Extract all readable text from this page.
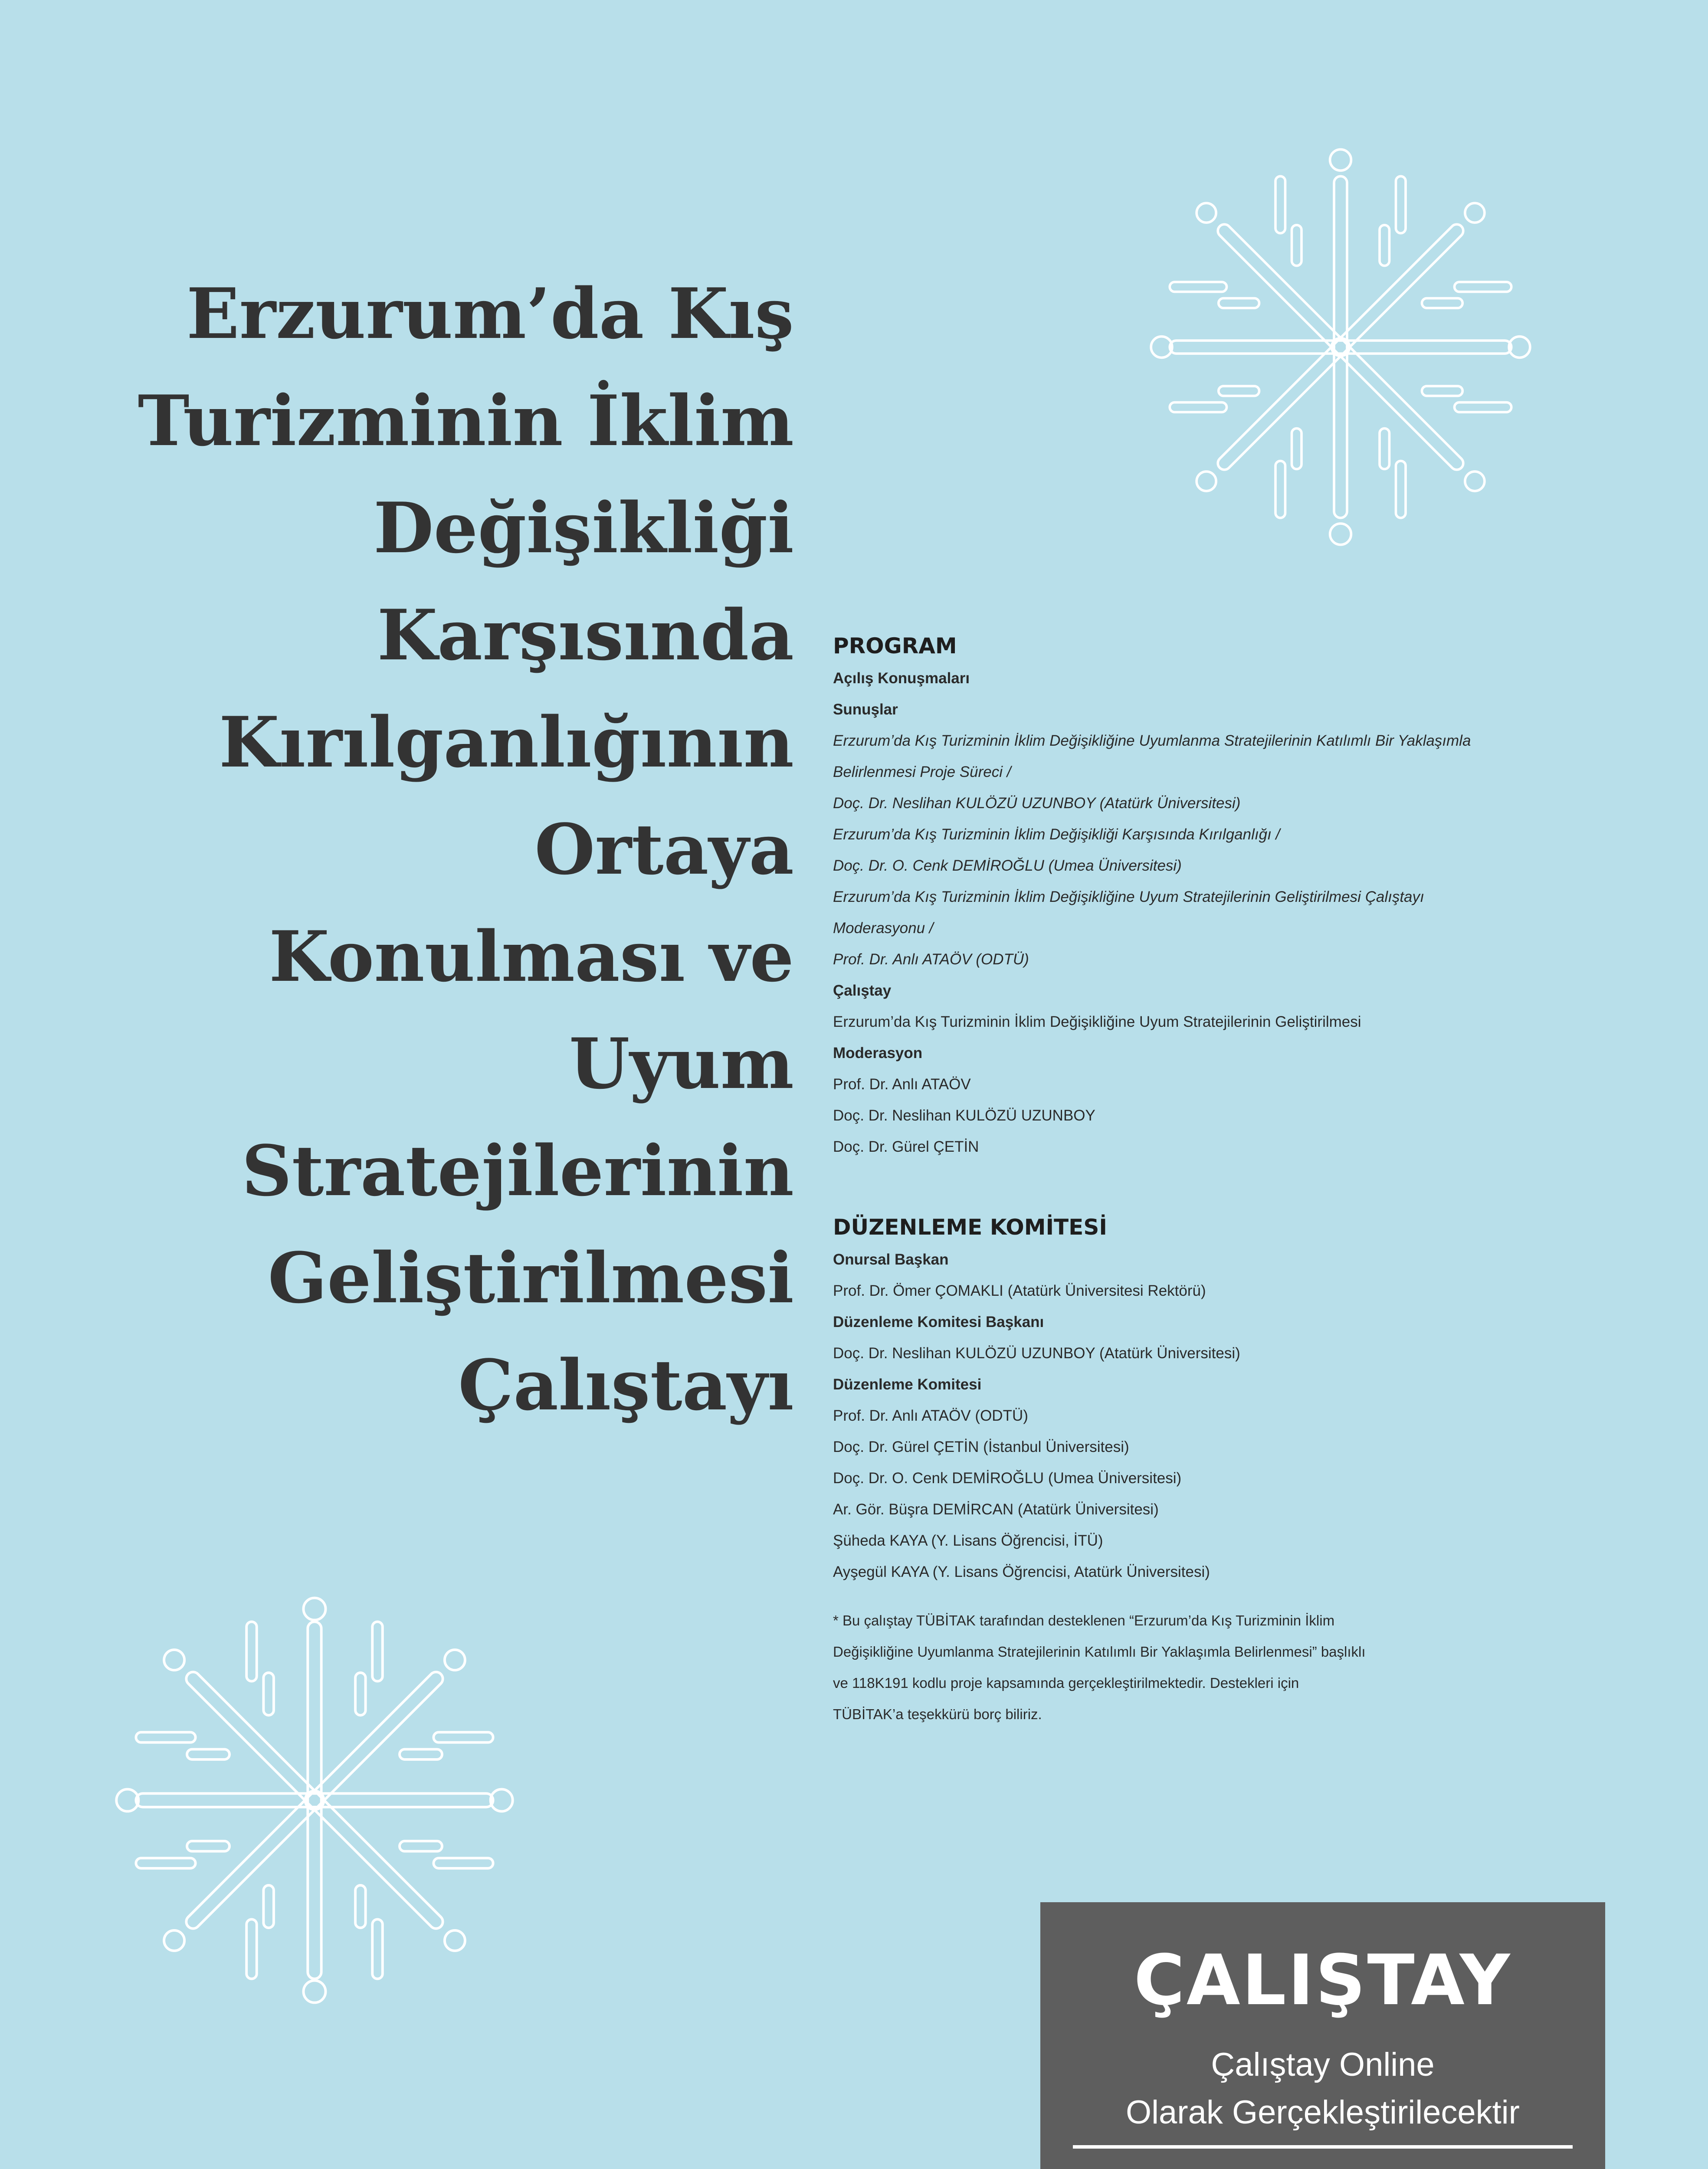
Erzurum’da Kış
Turizminin İklim
Değişikliği
Karşısında
Kırılganlığının
Ortaya
Konulması ve
Uyum
Stratejilerinin
Geliştirilmesi
Çalıştayı
PROGRAM
Açılış Konuşmaları
Sunuşlar
Erzurum’da Kış Turizminin İklim Değişikliğine Uyumlanma Stratejilerinin Katılımlı Bir Yaklaşımla
Belirlenmesi Proje Süreci /
Doç. Dr. Neslihan KULÖZÜ UZUNBOY (Atatürk Üniversitesi)
Erzurum’da Kış Turizminin İklim Değişikliği Karşısında Kırılganlığı /
Doç. Dr. O. Cenk DEMİROĞLU (Umea Üniversitesi)
Erzurum’da Kış Turizminin İklim Değişikliğine Uyum Stratejilerinin Geliştirilmesi Çalıştayı
Moderasyonu /
Prof. Dr. Anlı ATAÖV (ODTÜ)
Çalıştay
Erzurum’da Kış Turizminin İklim Değişikliğine Uyum Stratejilerinin Geliştirilmesi
Moderasyon
Prof. Dr. Anlı ATAÖV
Doç. Dr. Neslihan KULÖZÜ UZUNBOY
Doç. Dr. Gürel ÇETİN
DÜZENLEME KOMİTESİ
Onursal Başkan
Prof. Dr. Ömer ÇOMAKLI (Atatürk Üniversitesi Rektörü)
Düzenleme Komitesi Başkanı
Doç. Dr. Neslihan KULÖZÜ UZUNBOY (Atatürk Üniversitesi)
Düzenleme Komitesi
Prof. Dr. Anlı ATAÖV (ODTÜ)
Doç. Dr. Gürel ÇETİN (İstanbul Üniversitesi)
Doç. Dr. O. Cenk DEMİROĞLU (Umea Üniversitesi)
Ar. Gör. Büşra DEMİRCAN (Atatürk Üniversitesi)
Şüheda KAYA (Y. Lisans Öğrencisi, İTÜ)
Ayşegül KAYA (Y. Lisans Öğrencisi, Atatürk Üniversitesi)
* Bu çalıştay TÜBİTAK tarafından desteklenen “Erzurum’da Kış Turizminin İklim
Değişikliğine Uyumlanma Stratejilerinin Katılımlı Bir Yaklaşımla Belirlenmesi” başlıklı
ve 118K191 kodlu proje kapsamında gerçekleştirilmektedir. Destekleri için
TÜBİTAK’a teşekkürü borç biliriz.
ÇALIŞTAY
Çalıştay Online
Olarak Gerçekleştirilecektir
